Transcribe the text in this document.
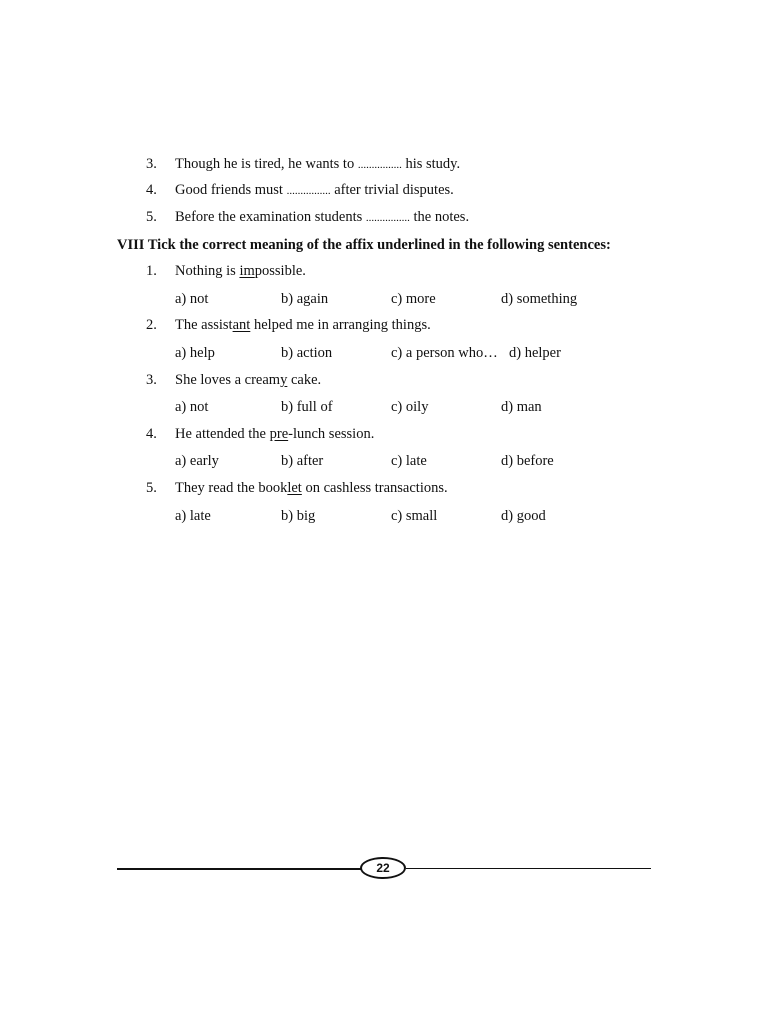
3. Though he is tired, he wants to ................ his study.
4. Good friends must ................ after trivial disputes.
5. Before the examination students ................ the notes.
VIII Tick the correct meaning of the affix underlined in the following sentences:
1. Nothing is impossible.
a) not	b) again	c) more	d) something
2. The assistant helped me in arranging things.
a) help	b) action	c) a person who… d) helper
3. She loves a creamy cake.
a) not	b) full of	c) oily	d) man
4. He attended the pre-lunch session.
a) early	b) after	c) late	d) before
5. They read the booklet on cashless transactions.
a) late	b) big	c) small	d) good
22
